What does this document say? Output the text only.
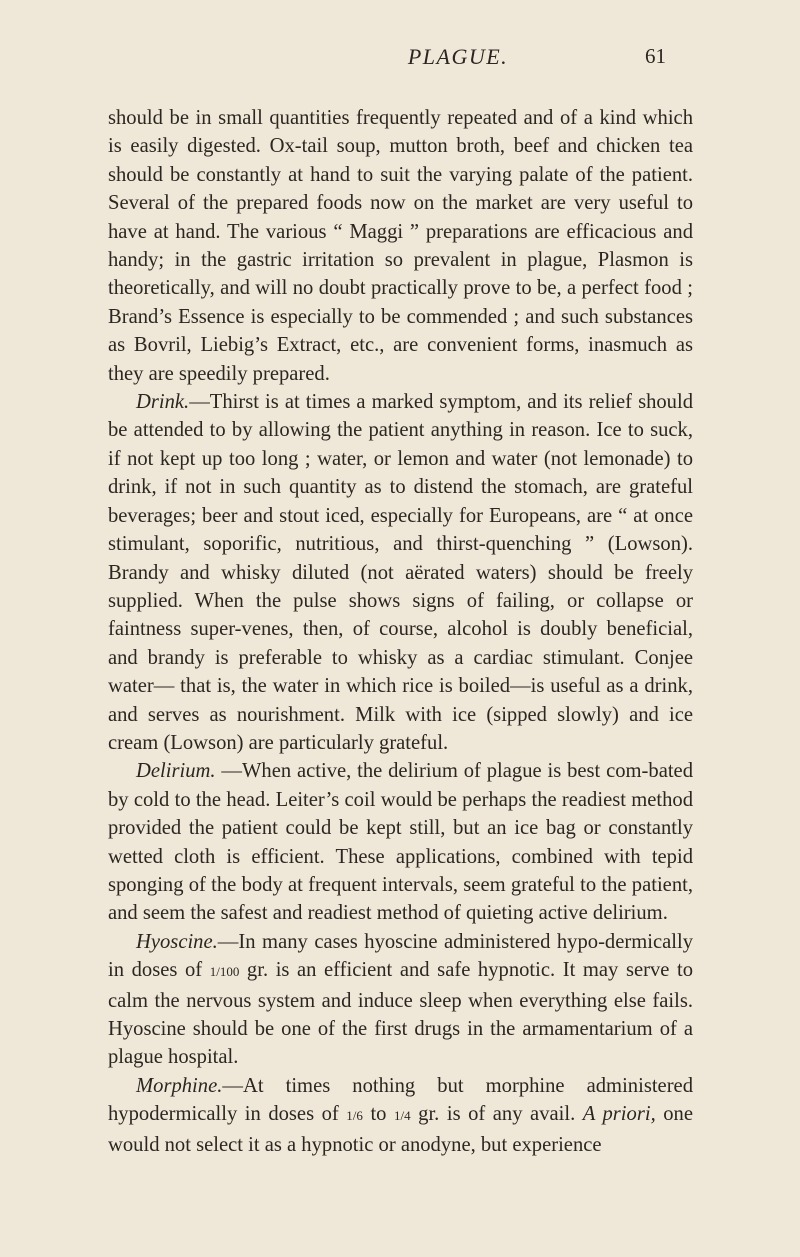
PLAGUE.	61

should be in small quantities frequently repeated and of a kind which is easily digested. Ox-tail soup, mutton broth, beef and chicken tea should be constantly at hand to suit the varying palate of the patient. Several of the prepared foods now on the market are very useful to have at hand. The various “ Maggi ” preparations are efficacious and handy; in the gastric irritation so prevalent in plague, Plasmon is theoretically, and will no doubt practically prove to be, a perfect food ; Brand’s Essence is especially to be commended ; and such substances as Bovril, Liebig’s Extract, etc., are convenient forms, inasmuch as they are speedily prepared.

Drink.—Thirst is at times a marked symptom, and its relief should be attended to by allowing the patient anything in reason. Ice to suck, if not kept up too long ; water, or lemon and water (not lemonade) to drink, if not in such quantity as to distend the stomach, are grateful beverages; beer and stout iced, especially for Europeans, are “ at once stimulant, soporific, nutritious, and thirst-quenching ” (Lowson). Brandy and whisky diluted (not aërated waters) should be freely supplied. When the pulse shows signs of failing, or collapse or faintness super-venes, then, of course, alcohol is doubly beneficial, and brandy is preferable to whisky as a cardiac stimulant. Conjee water— that is, the water in which rice is boiled—is useful as a drink, and serves as nourishment. Milk with ice (sipped slowly) and ice cream (Lowson) are particularly grateful.

Delirium. —When active, the delirium of plague is best com-bated by cold to the head. Leiter’s coil would be perhaps the readiest method provided the patient could be kept still, but an ice bag or constantly wetted cloth is efficient. These applications, combined with tepid sponging of the body at frequent intervals, seem grateful to the patient, and seem the safest and readiest method of quieting active delirium.

Hyoscine.—In many cases hyoscine administered hypo-dermically in doses of 1/100 gr. is an efficient and safe hypnotic. It may serve to calm the nervous system and induce sleep when everything else fails. Hyoscine should be one of the first drugs in the armamentarium of a plague hospital.

Morphine.—At times nothing but morphine administered hypodermically in doses of 1/6 to 1/4 gr. is of any avail. A priori, one would not select it as a hypnotic or anodyne, but experience
